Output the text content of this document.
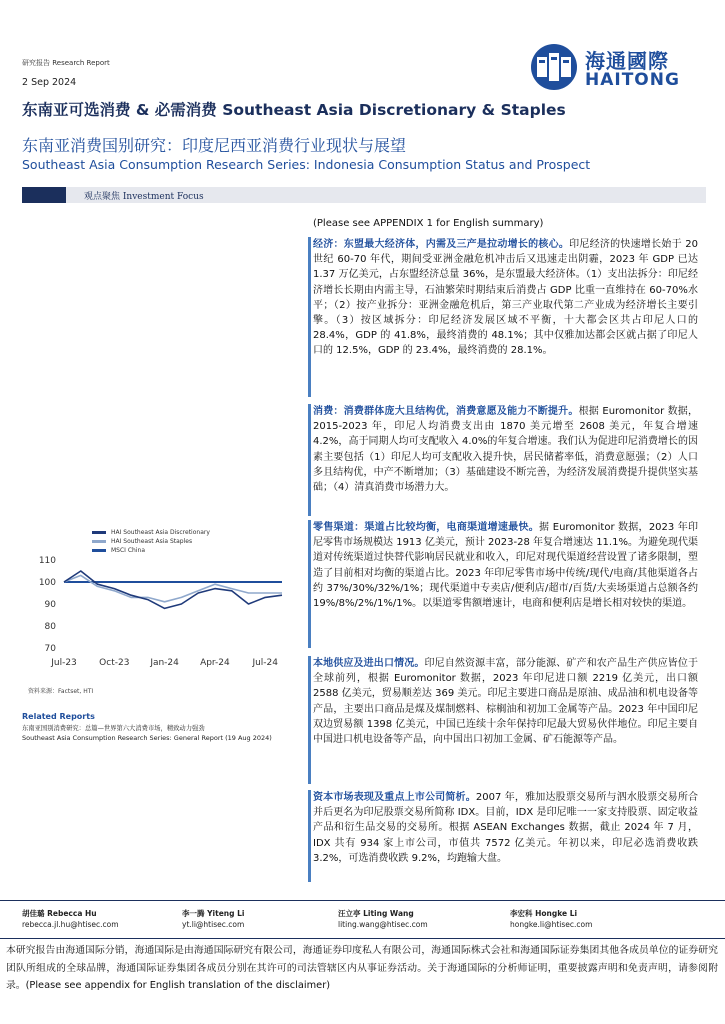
研究报告 Research Report
2 Sep 2024
海通國際
HAITONG
东南亚可选消费 & 必需消费 Southeast Asia Discretionary & Staples
东南亚消费国别研究：印度尼西亚消费行业现状与展望
Southeast Asia Consumption Research Series: Indonesia Consumption Status and Prospect
观点聚焦 Investment Focus
(Please see APPENDIX 1 for English summary)

经济：东盟最大经济体，内需及三产是拉动增长的核心。印尼经济的快速增长始于 20 世纪 60-70 年代，期间受亚洲金融危机冲击后又迅速走出阴霾，2023 年 GDP 已达 1.37 万亿美元，占东盟经济总量 36%，是东盟最大经济体。（1）支出法拆分：印尼经济增长长期由内需主导，石油繁荣时期结束后消费占 GDP 比重一直维持在 60-70%水平；（2）按产业拆分：亚洲金融危机后，第三产业取代第二产业成为经济增长主要引擎。（3）按区域拆分：印尼经济发展区域不平衡，十大都会区共占印尼人口的 28.4%，GDP 的 41.8%，最终消费的 48.1%；其中仅雅加达都会区就占据了印尼人口的 12.5%，GDP 的 23.4%，最终消费的 28.1%。

消费：消费群体庞大且结构优，消费意愿及能力不断提升。根据 Euromonitor 数据，2015-2023 年，印尼人均消费支出由 1870 美元增至 2608 美元，年复合增速 4.2%，高于同期人均可支配收入 4.0%的年复合增速。我们认为促进印尼消费增长的因素主要包括（1）印尼人均可支配收入提升快，居民储蓄率低，消费意愿强；（2）人口多且结构优，中产不断增加；（3）基础建设不断完善，为经济发展消费提升提供坚实基础；（4）清真消费市场潜力大。

零售渠道：渠道占比较均衡，电商渠道增速最快。据 Euromonitor 数据，2023 年印尼零售市场规模达 1913 亿美元，预计 2023-28 年复合增速达 11.1%。为避免现代渠道对传统渠道过快替代影响居民就业和收入，印尼对现代渠道经营设置了诸多限制，塑造了目前相对均衡的渠道占比。2023 年印尼零售市场中传统/现代/电商/其他渠道各占约 37%/30%/32%/1%；现代渠道中专卖店/便利店/超市/百货/大卖场渠道占总额各约 19%/8%/2%/1%/1%。以渠道零售额增速计，电商和便利店是增长相对较快的渠道。

本地供应及进出口情况。印尼自然资源丰富，部分能源、矿产和农产品生产供应皆位于全球前列，根据 Euromonitor 数据，2023 年印尼进口额 2219 亿美元，出口额 2588 亿美元，贸易顺差达 369 美元。印尼主要进口商品是原油、成品油和机电设备等产品，主要出口商品是煤及煤制燃料、棕榈油和初加工金属等产品。2023 年中国印尼双边贸易额 1398 亿美元，中国已连续十余年保持印尼最大贸易伙伴地位。印尼主要自中国进口机电设备等产品，向中国出口初加工金属、矿石能源等产品。

资本市场表现及重点上市公司简析。2007 年，雅加达股票交易所与泗水股票交易所合并后更名为印尼股票交易所简称 IDX。目前，IDX 是印尼唯一一家支持股票、固定收益产品和衍生品交易的交易所。根据 ASEAN Exchanges 数据，截止 2024 年 7 月，IDX 共有 934 家上市公司，市值共 7572 亿美元。年初以来，印尼必选消费收跌 3.2%，可选消费收跌 9.2%，均跑输大盘。

HAI Southeast Asia Discretionary
HAI Southeast Asia Staples
MSCI China
110
100
90
80
70
Jul-23 Oct-23 Jan-24 Apr-24	Jul-24
资料来源：Factset, HTI
Related Reports
东南亚国别消费研究：总篇—世界第六大消费市场，精致动力强劲
Southeast Asia Consumption Research Series: General Report (19 Aug 2024)
胡佳璐 Rebecca Hu
rebecca.jl.hu@htisec.com
李一腾 Yiteng Li
yt.li@htisec.com
汪立亭 Liting Wang
liting.wang@htisec.com
李宏科 Hongke Li
hongke.li@htisec.com
本研究报告由海通国际分销，海通国际是由海通国际研究有限公司，海通证券印度私人有限公司，海通国际株式会社和海通国际证券集团其他各成员单位的证券研究团队所组成的全球品牌，海通国际证券集团各成员分别在其许可的司法管辖区内从事证券活动。关于海通国际的分析师证明，重要披露声明和免责声明，请参阅附录。(Please see appendix for English translation of the disclaimer)
